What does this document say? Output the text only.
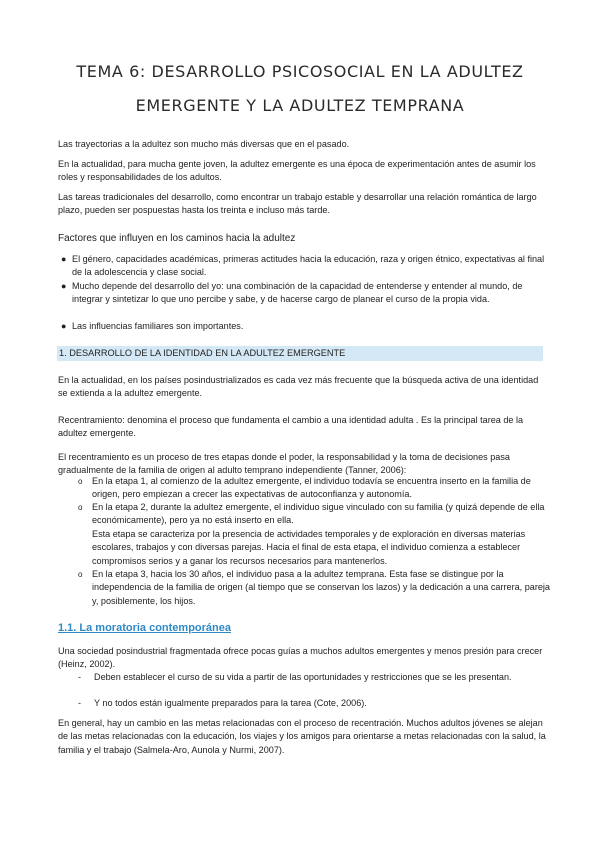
TEMA 6: DESARROLLO PSICOSOCIAL EN LA ADULTEZ EMERGENTE Y LA ADULTEZ TEMPRANA

Las trayectorias a la adultez son mucho más diversas que en el pasado.

En la actualidad, para mucha gente joven, la adultez emergente es una época de experimentación antes de asumir los roles y responsabilidades de los adultos.

Las tareas tradicionales del desarrollo, como encontrar un trabajo estable y desarrollar una relación romántica de largo plazo, pueden ser pospuestas hasta los treinta e incluso más tarde.

Factores que influyen en los caminos hacia la adultez

● El género, capacidades académicas, primeras actitudes hacia la educación, raza y origen étnico, expectativas al final de la adolescencia y clase social.
● Mucho depende del desarrollo del yo: una combinación de la capacidad de entenderse y entender al mundo, de integrar y sintetizar lo que uno percibe y sabe, y de hacerse cargo de planear el curso de la propia vida.
● Las influencias familiares son importantes.
1. DESARROLLO DE LA IDENTIDAD EN LA ADULTEZ EMERGENTE

En la actualidad, en los países posindustrializados es cada vez más frecuente que la búsqueda activa de una identidad se extienda a la adultez emergente.

Recentramiento: denomina el proceso que fundamenta el cambio a una identidad adulta . Es la principal tarea de la adultez emergente.

El recentramiento es un proceso de tres etapas donde el poder, la responsabilidad y la toma de decisiones pasa gradualmente de la familia de origen al adulto temprano independiente (Tanner, 2006):

o En la etapa 1, al comienzo de la adultez emergente, el individuo todavía se encuentra inserto en la familia de origen, pero empiezan a crecer las expectativas de autoconfianza y autonomía.
o En la etapa 2, durante la adultez emergente, el individuo sigue vinculado con su familia (y quizá depende de ella económicamente), pero ya no está inserto en ella.
Esta etapa se caracteriza por la presencia de actividades temporales y de exploración en diversas materias escolares, trabajos y con diversas parejas. Hacia el final de esta etapa, el individuo comienza a establecer compromisos serios y a ganar los recursos necesarios para mantenerlos.
o En la etapa 3, hacia los 30 años, el individuo pasa a la adultez temprana. Esta fase se distingue por la independencia de la familia de origen (al tiempo que se conservan los lazos) y la dedicación a una carrera, pareja y, posiblemente, los hijos.
1.1. La moratoria contemporánea

Una sociedad posindustrial fragmentada ofrece pocas guías a muchos adultos emergentes y menos presión para crecer (Heinz, 2002).

- Deben establecer el curso de su vida a partir de las oportunidades y restricciones que se les presentan.
- Y no todos están igualmente preparados para la tarea (Cote, 2006).

En general, hay un cambio en las metas relacionadas con el proceso de recentración. Muchos adultos jóvenes se alejan de las metas relacionadas con la educación, los viajes y los amigos para orientarse a metas relacionadas con la salud, la familia y el trabajo (Salmela-Aro, Aunola y Nurmi, 2007).
